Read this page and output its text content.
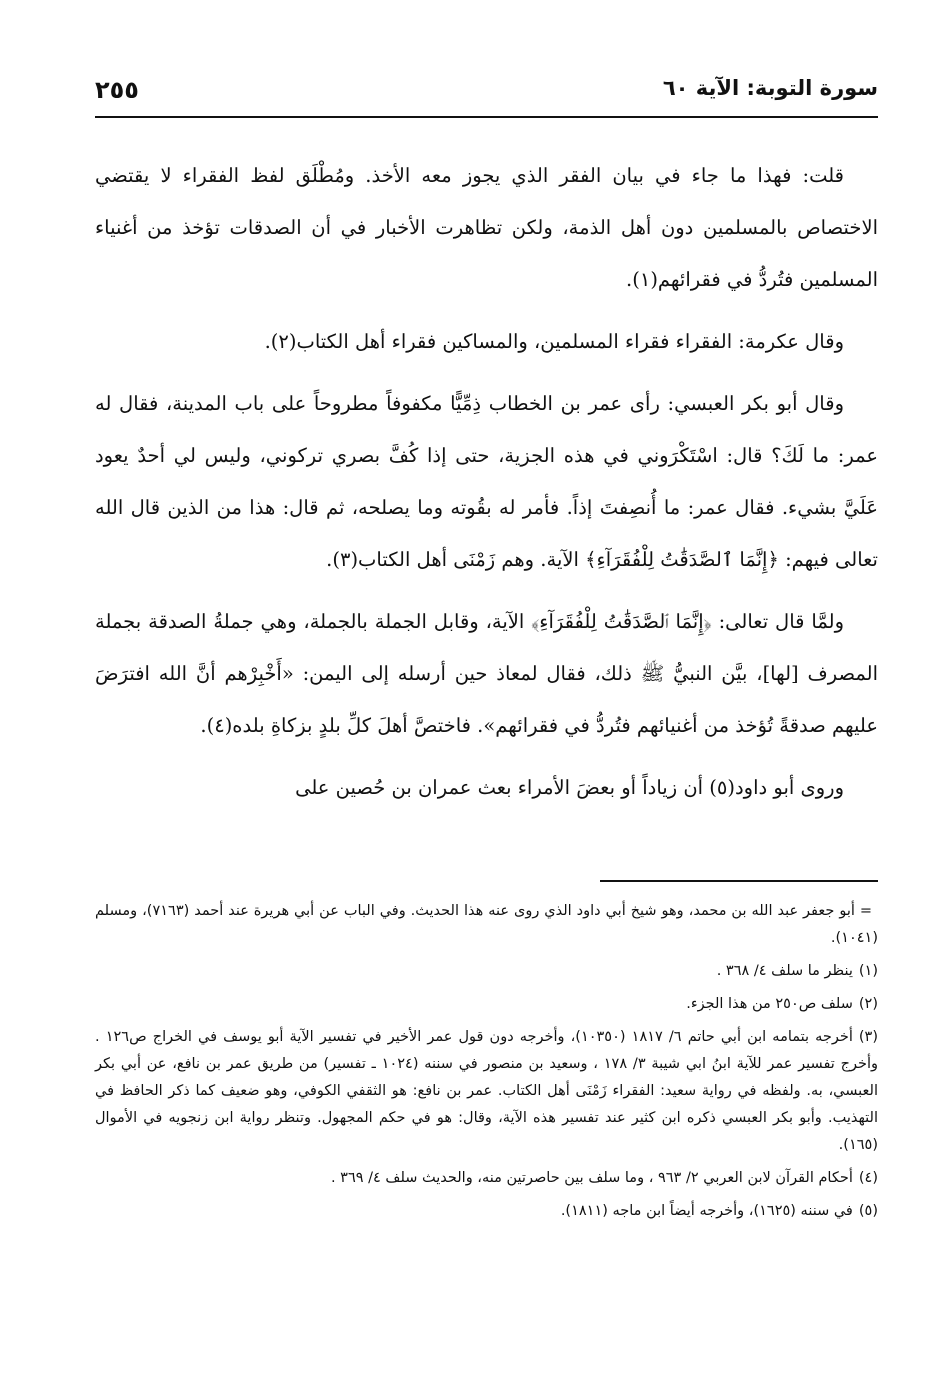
سورة التوبة: الآية ٦٠
٢٥٥

قلت: فهذا ما جاء في بيان الفقر الذي يجوز معه الأخذ. ومُطْلَق لفظ الفقراء لا يقتضي الاختصاص بالمسلمين دون أهل الذمة، ولكن تظاهرت الأخبار في أن الصدقات تؤخذ من أغنياء المسلمين فتُردُّ في فقرائهم(١).

وقال عكرمة: الفقراء فقراء المسلمين، والمساكين فقراء أهل الكتاب(٢).

وقال أبو بكر العبسي: رأى عمر بن الخطاب ذِمِّيًّا مكفوفاً مطروحاً على باب المدينة، فقال له عمر: ما لَكَ؟ قال: اسْتَكْرَوني في هذه الجزية، حتى إذا كُفَّ بصري تركوني، وليس لي أحدٌ يعود عَلَيَّ بشيء. فقال عمر: ما أُنصِفتَ إذاً. فأمر له بقُوته وما يصلحه، ثم قال: هذا من الذين قال الله تعالى فيهم: ﴿إِنَّمَا ٱلصَّدَقَٰتُ لِلْفُقَرَآءِ﴾ الآية. وهم زَمْنَى أهل الكتاب(٣).

ولمَّا قال تعالى: ﴿إِنَّمَا ٱلصَّدَقَٰتُ لِلْفُقَرَآءِ﴾ الآية، وقابل الجملة بالجملة، وهي جملةُ الصدقة بجملة المصرف [لها]، بيَّن النبيُّ ﷺ ذلك، فقال لمعاذ حين أرسله إلى اليمن: «أَخْبِرْهم أنَّ الله افترَضَ عليهم صدقةً تُؤخذ من أغنيائهم فتُردُّ في فقرائهم». فاختصَّ أهلَ كلِّ بلدٍ بزكاةِ بلده(٤).

وروى أبو داود(٥) أن زياداً أو بعضَ الأمراء بعث عمران بن حُصين على

= أبو جعفر عبد الله بن محمد، وهو شيخ أبي داود الذي روى عنه هذا الحديث. وفي الباب عن أبي هريرة عند أحمد (٧١٦٣)، ومسلم (١٠٤١).

(١)ينظر ما سلف ٤/ ٣٦٨ .

(٢)سلف ص٢٥٠ من هذا الجزء.

(٣)أخرجه بتمامه ابن أبي حاتم ٦/ ١٨١٧ (١٠٣٥٠)، وأخرجه دون قول عمر الأخير في تفسير الآية أبو يوسف في الخراج ص١٢٦ . وأخرج تفسير عمر للآية ابنُ ابي شيبة ٣/ ١٧٨ ، وسعيد بن منصور في سننه (١٠٢٤ ـ تفسير) من طريق عمر بن نافع، عن أبي بكر العبسي، به. ولفظه في رواية سعيد: الفقراء زَمْنَى أهل الكتاب. عمر بن نافع: هو الثقفي الكوفي، وهو ضعيف كما ذكر الحافظ في التهذيب. وأبو بكر العبسي ذكره ابن كثير عند تفسير هذه الآية، وقال: هو في حكم المجهول. وتنظر رواية ابن زنجويه في الأموال (١٦٥).

(٤)أحكام القرآن لابن العربي ٢/ ٩٦٣ ، وما سلف بين حاصرتين منه، والحديث سلف ٤/ ٣٦٩ .

(٥)في سننه (١٦٢٥)، وأخرجه أيضاً ابن ماجه (١٨١١).
